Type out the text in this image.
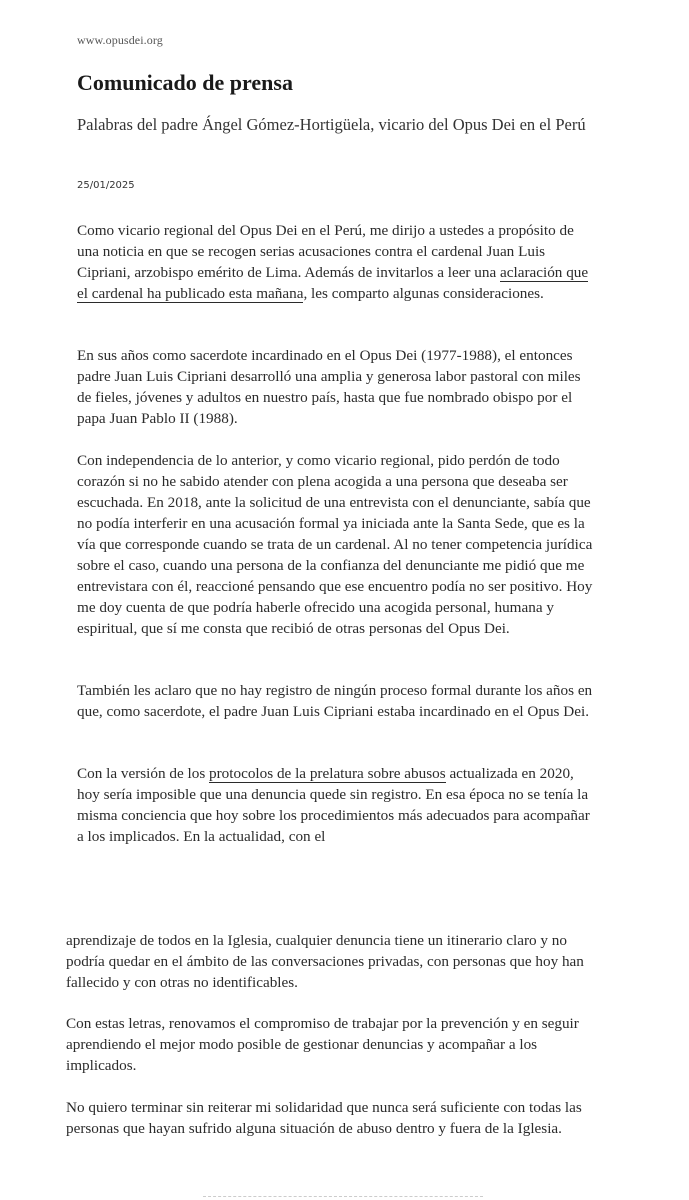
www.opusdei.org
Comunicado de prensa

Palabras del padre Ángel Gómez-Hortigüela, vicario del Opus Dei en el Perú

25/01/2025

Como vicario regional del Opus Dei en el Perú, me dirijo a ustedes a propósito de una noticia en que se recogen serias acusaciones contra el cardenal Juan Luis Cipriani, arzobispo emérito de Lima. Además de invitarlos a leer una aclaración que el cardenal ha publicado esta mañana, les comparto algunas consideraciones.

En sus años como sacerdote incardinado en el Opus Dei (1977-1988), el entonces padre Juan Luis Cipriani desarrolló una amplia y generosa labor pastoral con miles de fieles, jóvenes y adultos en nuestro país, hasta que fue nombrado obispo por el papa Juan Pablo II (1988).

Con independencia de lo anterior, y como vicario regional, pido perdón de todo corazón si no he sabido atender con plena acogida a una persona que deseaba ser escuchada. En 2018, ante la solicitud de una entrevista con el denunciante, sabía que no podía interferir en una acusación formal ya iniciada ante la Santa Sede, que es la vía que corresponde cuando se trata de un cardenal. Al no tener competencia jurídica sobre el caso, cuando una persona de la confianza del denunciante me pidió que me entrevistara con él, reaccioné pensando que ese encuentro podía no ser positivo. Hoy me doy cuenta de que podría haberle ofrecido una acogida personal, humana y espiritual, que sí me consta que recibió de otras personas del Opus Dei.

También les aclaro que no hay registro de ningún proceso formal durante los años en que, como sacerdote, el padre Juan Luis Cipriani estaba incardinado en el Opus Dei.

Con la versión de los protocolos de la prelatura sobre abusos actualizada en 2020, hoy sería imposible que una denuncia quede sin registro. En esa época no se tenía la misma conciencia que hoy sobre los procedimientos más adecuados para acompañar a los implicados. En la actualidad, con el

aprendizaje de todos en la Iglesia, cualquier denuncia tiene un itinerario claro y no podría quedar en el ámbito de las conversaciones privadas, con personas que hoy han fallecido y con otras no identificables.

Con estas letras, renovamos el compromiso de trabajar por la prevención y en seguir aprendiendo el mejor modo posible de gestionar denuncias y acompañar a los implicados.

No quiero terminar sin reiterar mi solidaridad que nunca será suficiente con todas las personas que hayan sufrido alguna situación de abuso dentro y fuera de la Iglesia.
